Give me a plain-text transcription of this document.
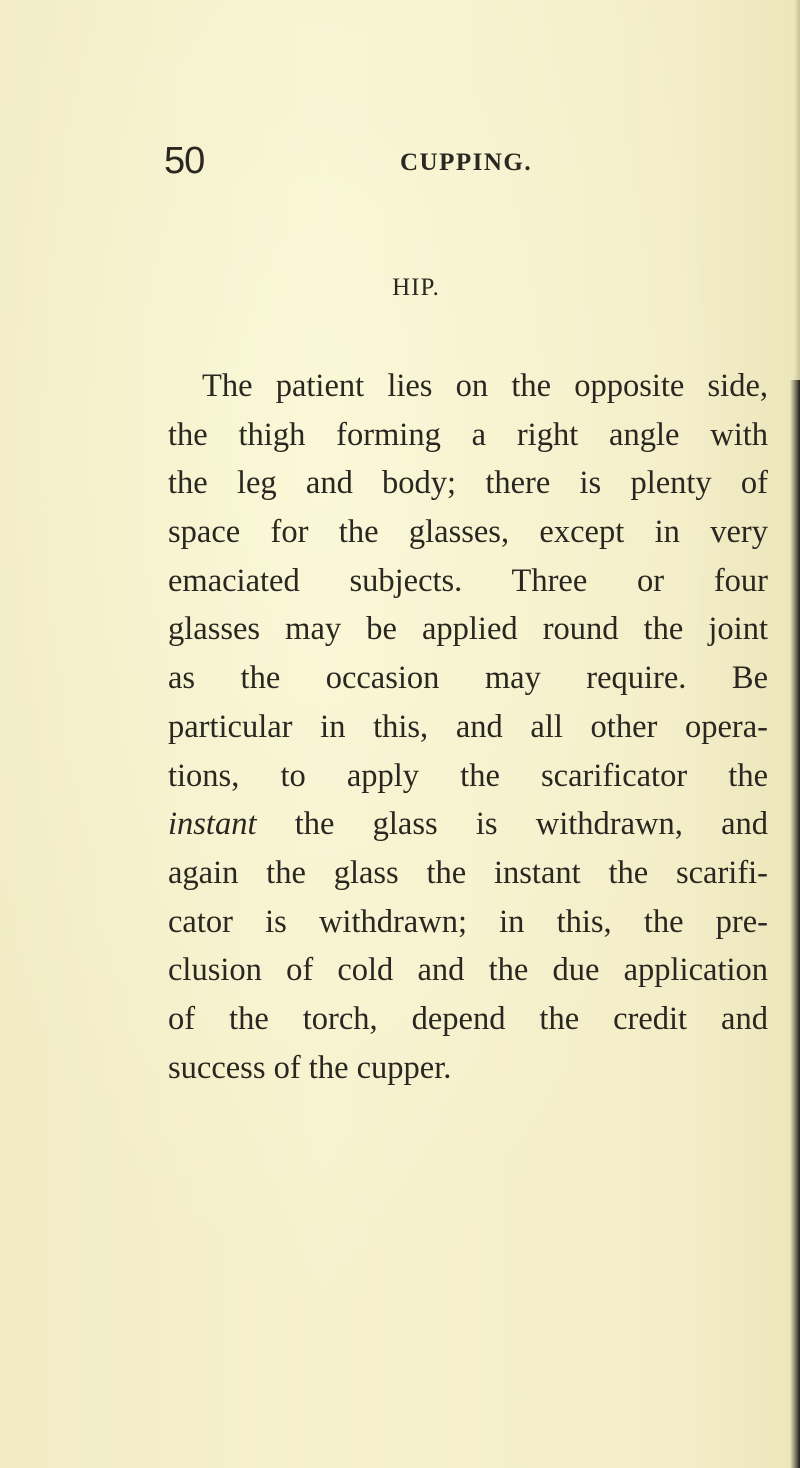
50	CUPPING.
HIP.
The patient lies on the opposite side,
the thigh forming a right angle with
the leg and body; there is plenty of
space for the glasses, except in very
emaciated subjects. Three or four
glasses may be applied round the joint
as the occasion may require. Be
particular in this, and all other opera-
tions, to apply the scarificator the
instant the glass is withdrawn, and
again the glass the instant the scarifi-
cator is withdrawn; in this, the pre-
clusion of cold and the due application
of the torch, depend the credit and
success of the cupper.
